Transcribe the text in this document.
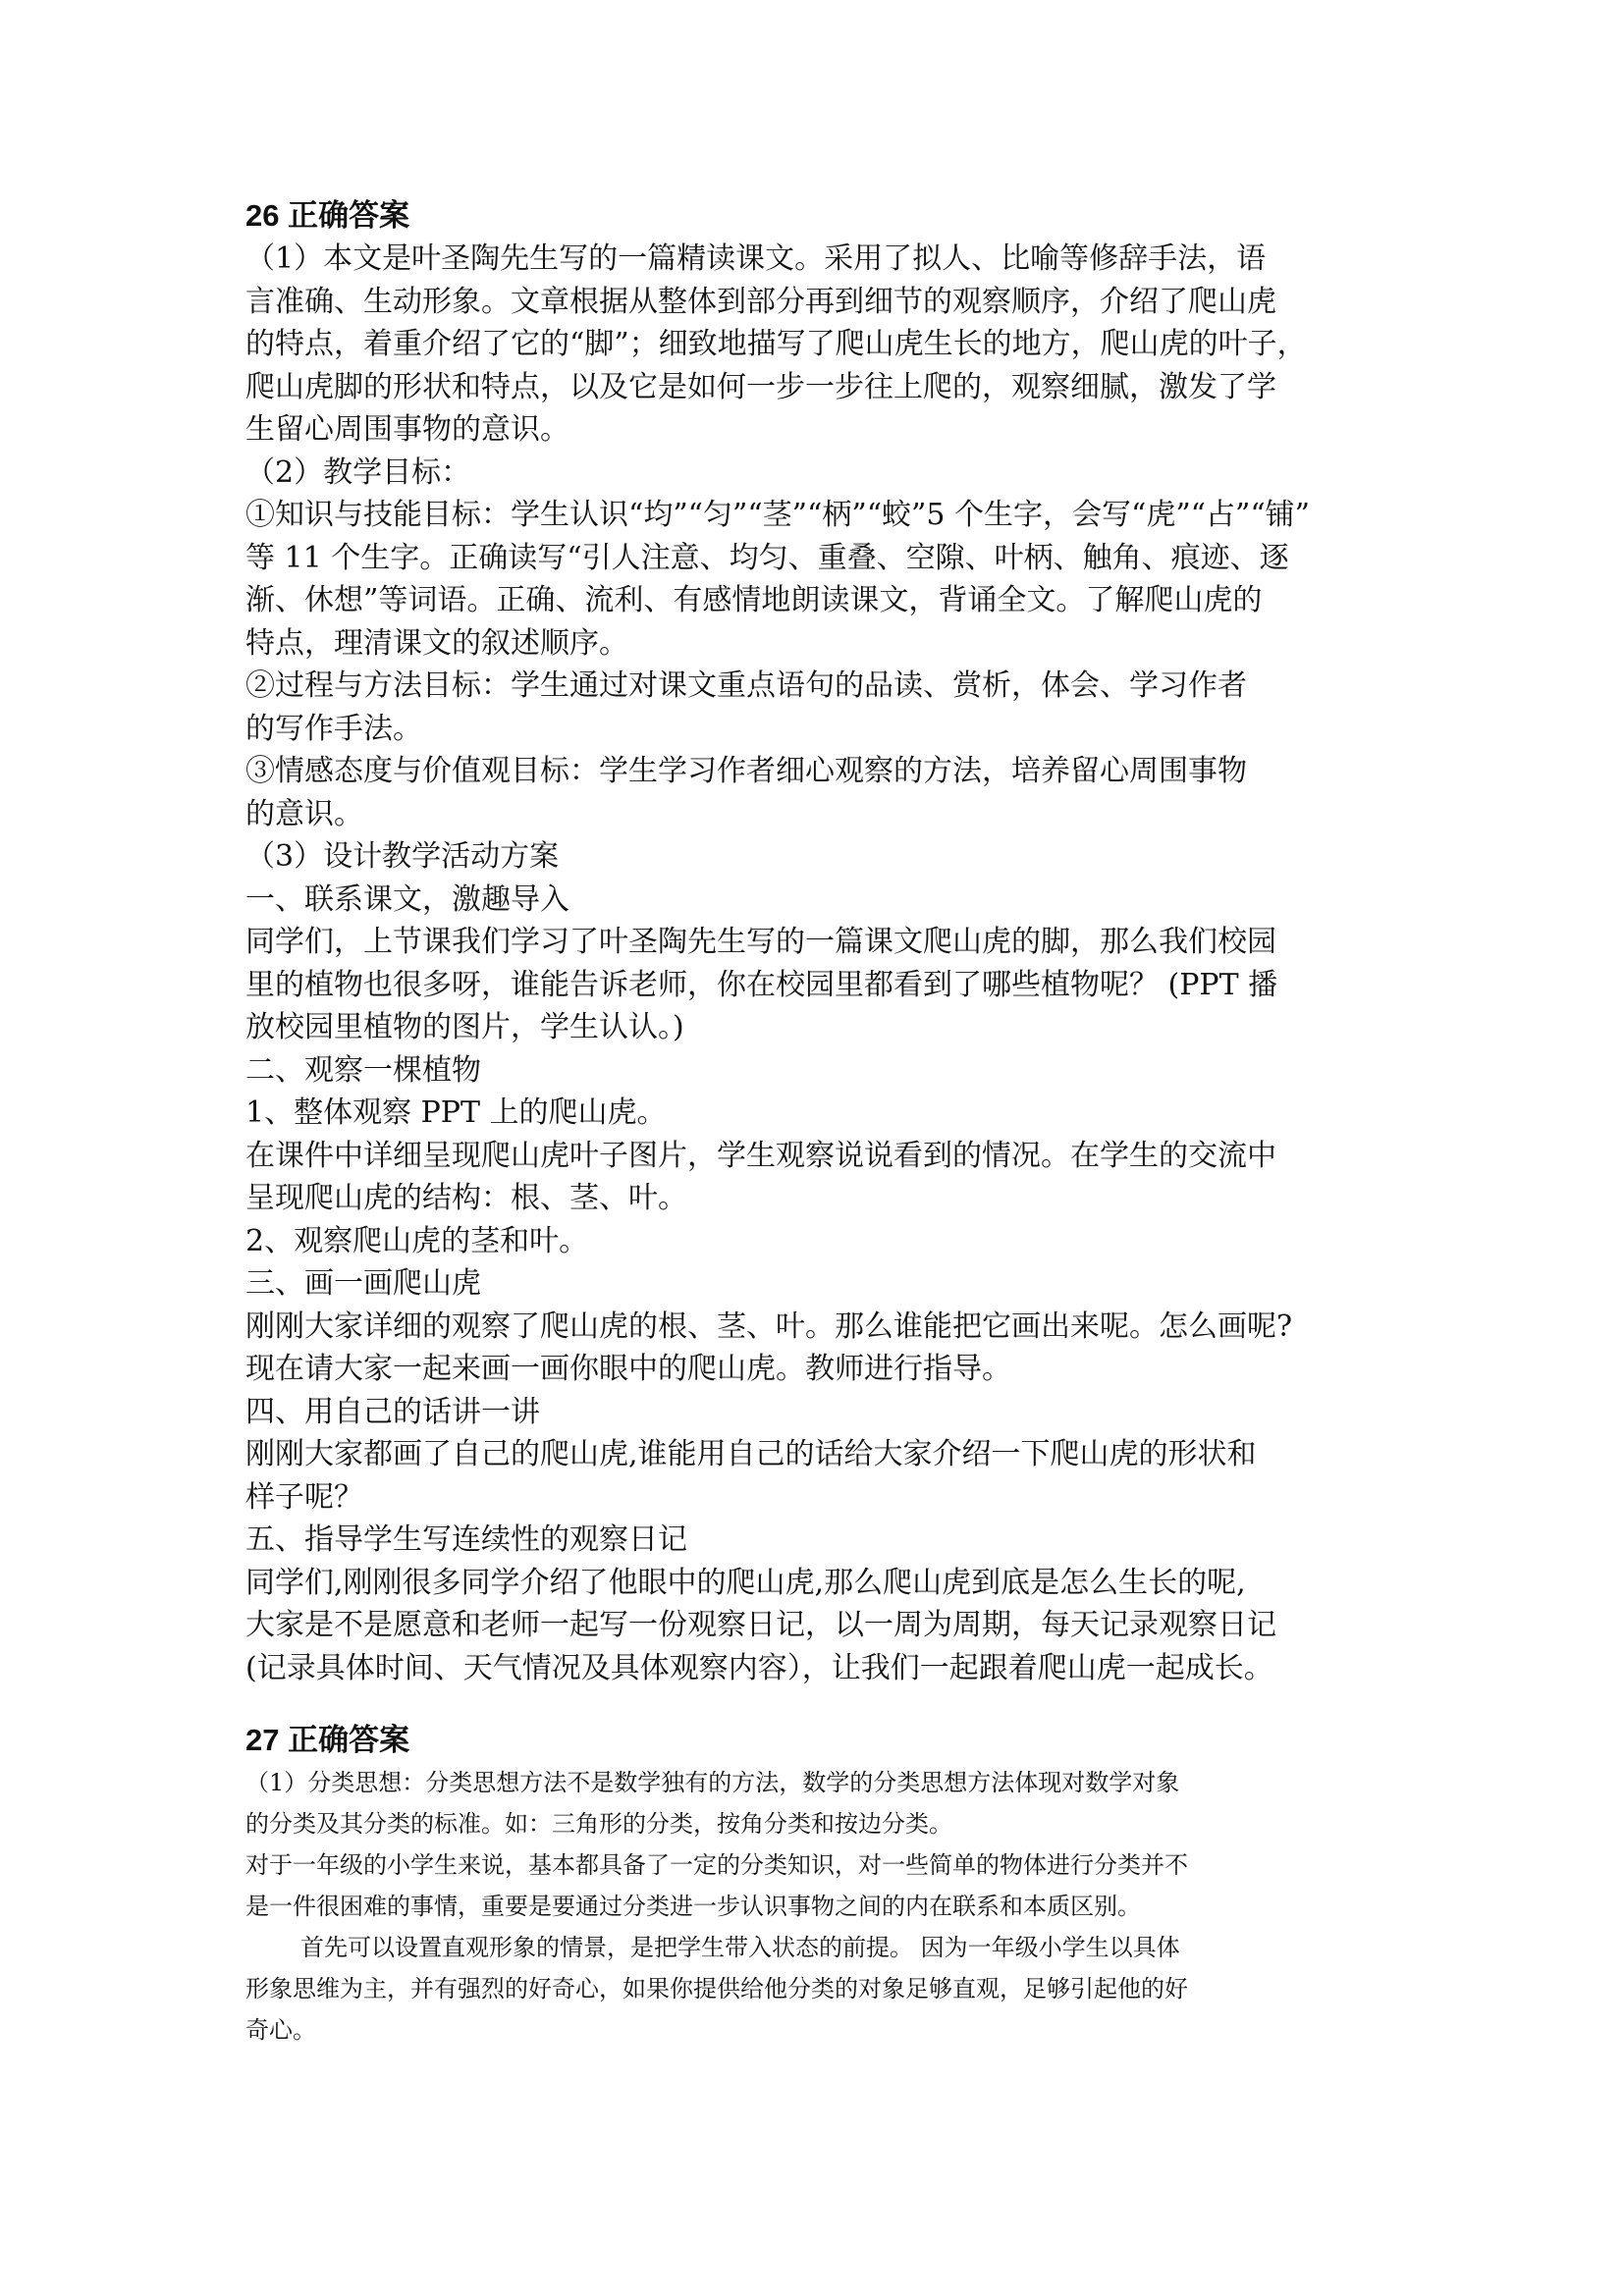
26 正确答案

（1）本文是叶圣陶先生写的一篇精读课文。采用了拟人、比喻等修辞手法，语

言准确、生动形象。文章根据从整体到部分再到细节的观察顺序，介绍了爬山虎

的特点，着重介绍了它的“脚”；细致地描写了爬山虎生长的地方，爬山虎的叶子，

爬山虎脚的形状和特点，以及它是如何一步一步往上爬的，观察细腻，激发了学

生留心周围事物的意识。

（2）教学目标：

①知识与技能目标：学生认识“均”“匀”“茎”“柄”“蛟”5 个生字，会写“虎”“占”“铺”

等 11 个生字。正确读写“引人注意、均匀、重叠、空隙、叶柄、触角、痕迹、逐

渐、休想”等词语。正确、流利、有感情地朗读课文，背诵全文。了解爬山虎的

特点，理清课文的叙述顺序。

②过程与方法目标：学生通过对课文重点语句的品读、赏析，体会、学习作者

的写作手法。

③情感态度与价值观目标：学生学习作者细心观察的方法，培养留心周围事物

的意识。

（3）设计教学活动方案

一、联系课文，激趣导入

同学们，上节课我们学习了叶圣陶先生写的一篇课文爬山虎的脚，那么我们校园

里的植物也很多呀，谁能告诉老师，你在校园里都看到了哪些植物呢？ (PPT 播

放校园里植物的图片，学生认认。)

二、观察一棵植物

1、整体观察 PPT 上的爬山虎。

在课件中详细呈现爬山虎叶子图片，学生观察说说看到的情况。在学生的交流中

呈现爬山虎的结构：根、茎、叶。

2、观察爬山虎的茎和叶。

三、画一画爬山虎

刚刚大家详细的观察了爬山虎的根、茎、叶。那么谁能把它画出来呢。怎么画呢?

现在请大家一起来画一画你眼中的爬山虎。教师进行指导。

四、用自己的话讲一讲

刚刚大家都画了自己的爬山虎,谁能用自己的话给大家介绍一下爬山虎的形状和

样子呢？

五、指导学生写连续性的观察日记

同学们,刚刚很多同学介绍了他眼中的爬山虎,那么爬山虎到底是怎么生长的呢,

大家是不是愿意和老师一起写一份观察日记，以一周为周期，每天记录观察日记

(记录具体时间、天气情况及具体观察内容），让我们一起跟着爬山虎一起成长。

27 正确答案

（1）分类思想：分类思想方法不是数学独有的方法，数学的分类思想方法体现对数学对象

的分类及其分类的标准。如：三角形的分类，按角分类和按边分类。

对于一年级的小学生来说，基本都具备了一定的分类知识，对一些简单的物体进行分类并不

是一件很困难的事情，重要是要通过分类进一步认识事物之间的内在联系和本质区别。

首先可以设置直观形象的情景，是把学生带入状态的前提。 因为一年级小学生以具体

形象思维为主，并有强烈的好奇心，如果你提供给他分类的对象足够直观，足够引起他的好

奇心。
